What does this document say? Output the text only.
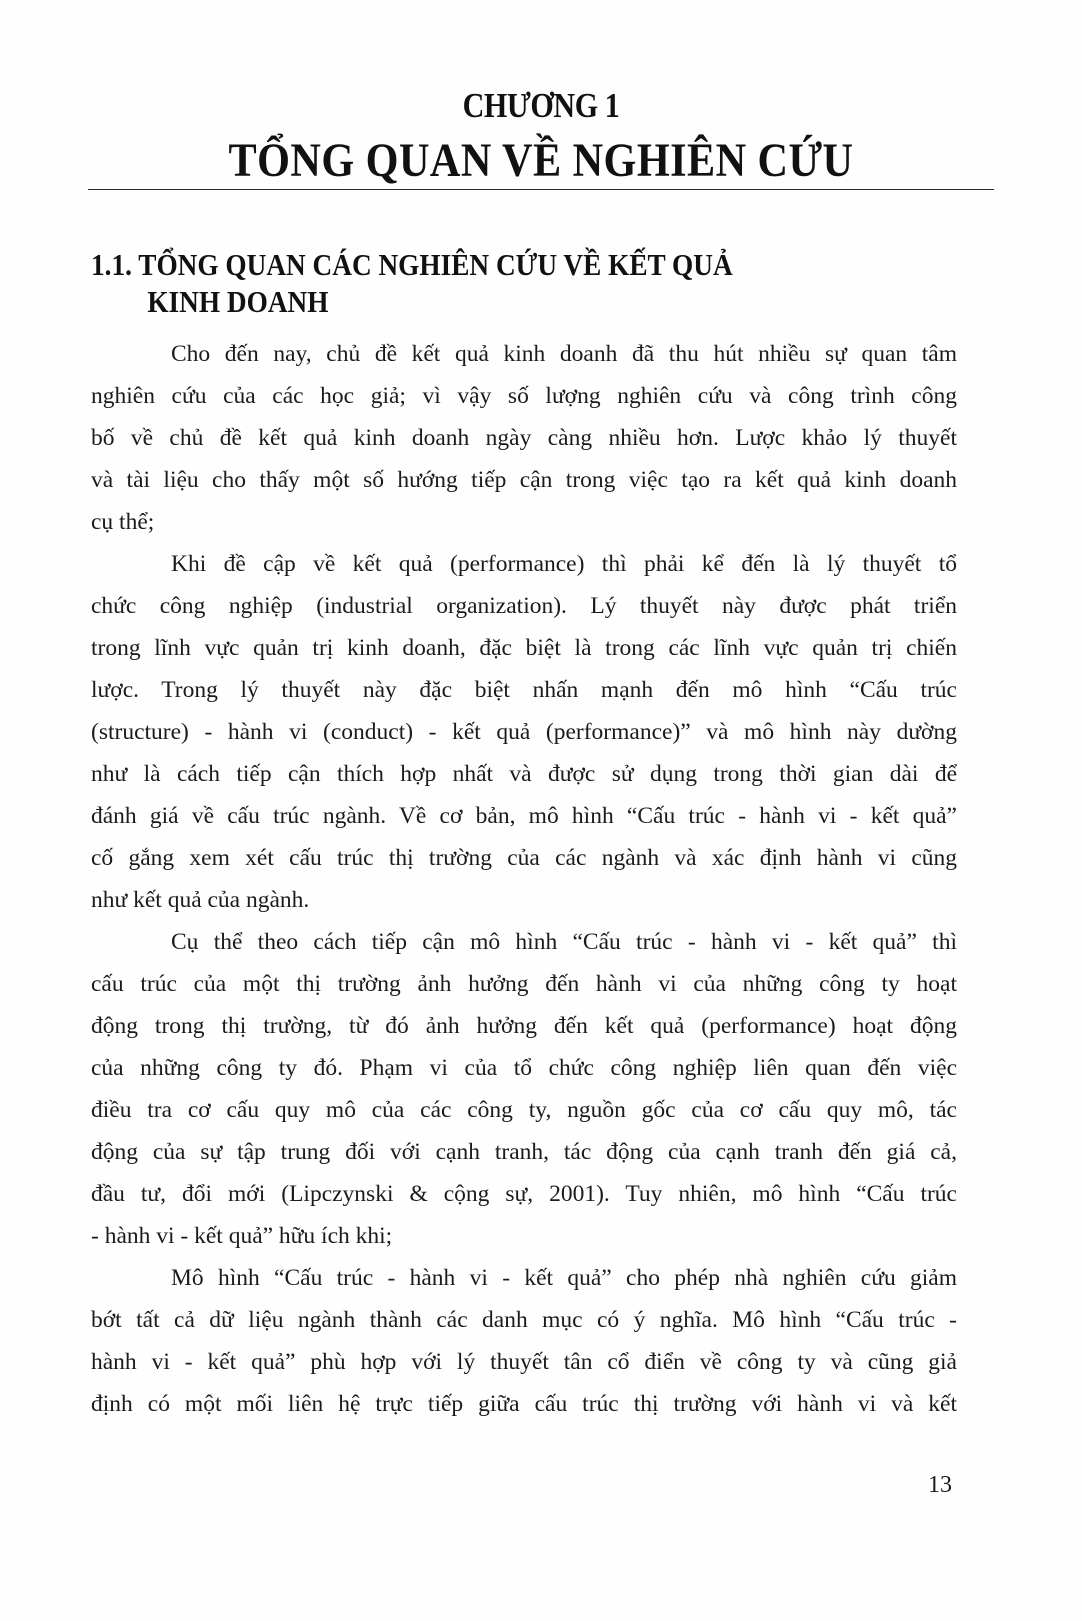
CHƯƠNG 1
TỔNG QUAN VỀ NGHIÊN CỨU
1.1. TỔNG QUAN CÁC NGHIÊN CỨU VỀ KẾT QUẢ
KINH DOANH
Cho đến nay, chủ đề kết quả kinh doanh đã thu hút nhiều sự quan tâm
nghiên cứu của các học giả; vì vậy số lượng nghiên cứu và công trình công
bố về chủ đề kết quả kinh doanh ngày càng nhiều hơn. Lược khảo lý thuyết
và tài liệu cho thấy một số hướng tiếp cận trong việc tạo ra kết quả kinh doanh
cụ thể;
Khi đề cập về kết quả (performance) thì phải kể đến là lý thuyết tổ
chức công nghiệp (industrial organization). Lý thuyết này được phát triển
trong lĩnh vực quản trị kinh doanh, đặc biệt là trong các lĩnh vực quản trị chiến
lược. Trong lý thuyết này đặc biệt nhấn mạnh đến mô hình “Cấu trúc
(structure) - hành vi (conduct) - kết quả (performance)” và mô hình này dường
như là cách tiếp cận thích hợp nhất và được sử dụng trong thời gian dài để
đánh giá về cấu trúc ngành. Về cơ bản, mô hình “Cấu trúc - hành vi - kết quả”
cố gắng xem xét cấu trúc thị trường của các ngành và xác định hành vi cũng
như kết quả của ngành.
Cụ thể theo cách tiếp cận mô hình “Cấu trúc - hành vi - kết quả” thì
cấu trúc của một thị trường ảnh hưởng đến hành vi của những công ty hoạt
động trong thị trường, từ đó ảnh hưởng đến kết quả (performance) hoạt động
của những công ty đó. Phạm vi của tổ chức công nghiệp liên quan đến việc
điều tra cơ cấu quy mô của các công ty, nguồn gốc của cơ cấu quy mô, tác
động của sự tập trung đối với cạnh tranh, tác động của cạnh tranh đến giá cả,
đầu tư, đổi mới (Lipczynski & cộng sự, 2001). Tuy nhiên, mô hình “Cấu trúc
- hành vi - kết quả” hữu ích khi;
Mô hình “Cấu trúc - hành vi - kết quả” cho phép nhà nghiên cứu giảm
bớt tất cả dữ liệu ngành thành các danh mục có ý nghĩa. Mô hình “Cấu trúc -
hành vi - kết quả” phù hợp với lý thuyết tân cổ điển về công ty và cũng giả
định có một mối liên hệ trực tiếp giữa cấu trúc thị trường với hành vi và kết
13
